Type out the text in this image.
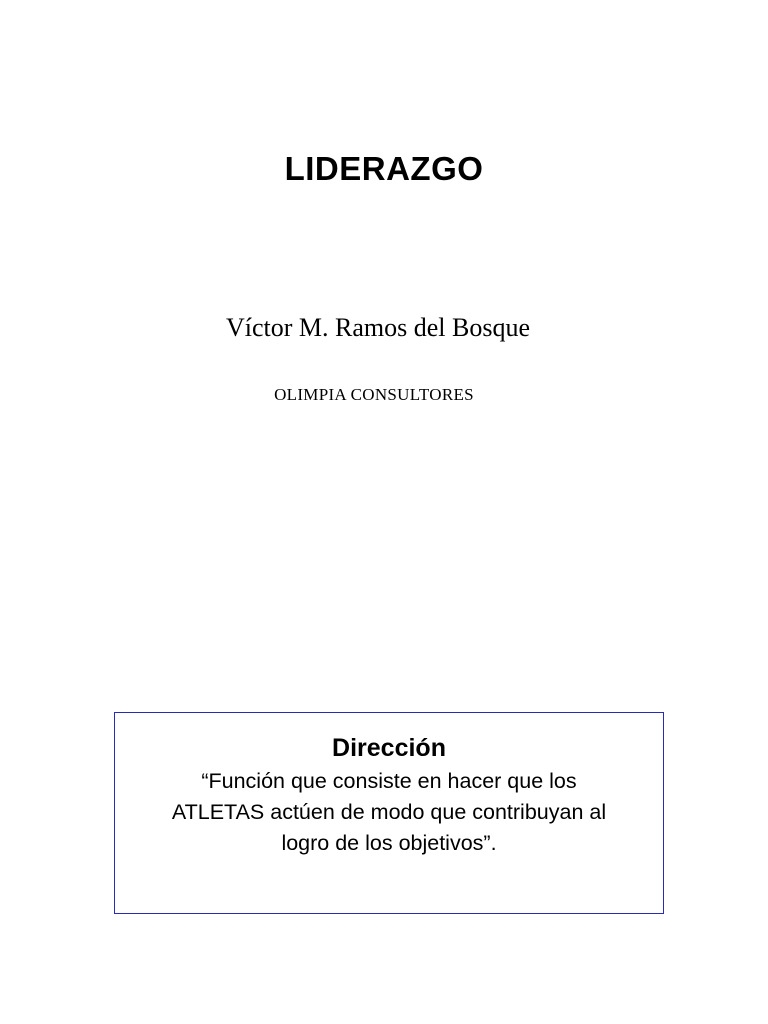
LIDERAZGO

Víctor M. Ramos del Bosque

OLIMPIA CONSULTORES

Dirección
“Función que consiste en hacer que los
ATLETAS actúen de modo que contribuyan al
logro de los objetivos”.
